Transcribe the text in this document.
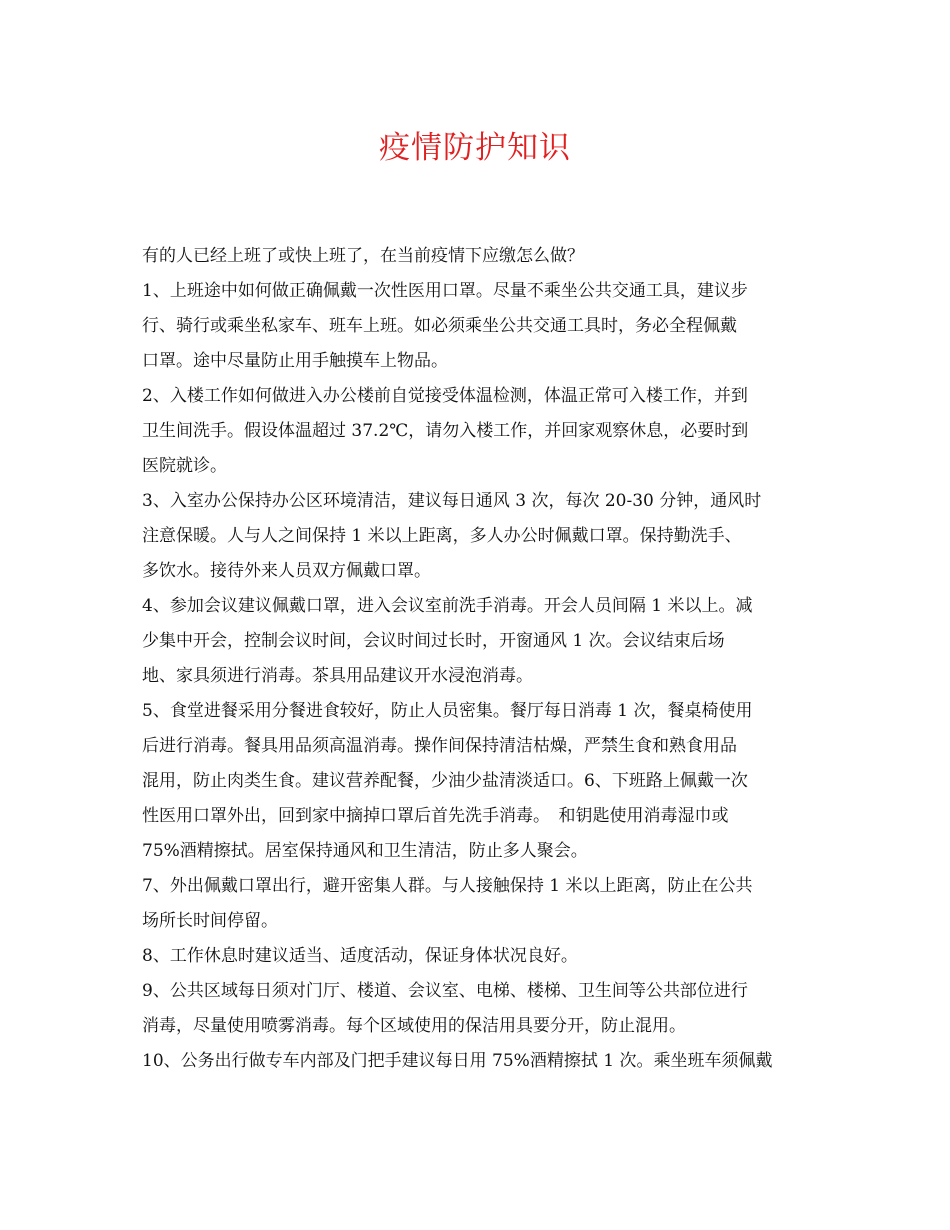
疫情防护知识

有的人已经上班了或快上班了，在当前疫情下应缴怎么做？

1、上班途中如何做正确佩戴一次性医用口罩。尽量不乘坐公共交通工具，建议步

行、骑行或乘坐私家车、班车上班。如必须乘坐公共交通工具时，务必全程佩戴

口罩。途中尽量防止用手触摸车上物品。

2、入楼工作如何做进入办公楼前自觉接受体温检测，体温正常可入楼工作，并到

卫生间洗手。假设体温超过 37.2℃，请勿入楼工作，并回家观察休息，必要时到

医院就诊。

3、入室办公保持办公区环境清洁，建议每日通风 3 次，每次 20-30 分钟，通风时

注意保暖。人与人之间保持 1 米以上距离，多人办公时佩戴口罩。保持勤洗手、

多饮水。接待外来人员双方佩戴口罩。

4、参加会议建议佩戴口罩，进入会议室前洗手消毒。开会人员间隔 1 米以上。减

少集中开会，控制会议时间，会议时间过长时，开窗通风 1 次。会议结束后场

地、家具须进行消毒。茶具用品建议开水浸泡消毒。

5、食堂进餐采用分餐进食较好，防止人员密集。餐厅每日消毒 1 次，餐桌椅使用

后进行消毒。餐具用品须高温消毒。操作间保持清洁枯燥，严禁生食和熟食用品

混用，防止肉类生食。建议营养配餐，少油少盐清淡适口。6、下班路上佩戴一次

性医用口罩外出，回到家中摘掉口罩后首先洗手消毒。　和钥匙使用消毒湿巾或

75%酒精擦拭。居室保持通风和卫生清洁，防止多人聚会。

7、外出佩戴口罩出行，避开密集人群。与人接触保持 1 米以上距离，防止在公共

场所长时间停留。

8、工作休息时建议适当、适度活动，保证身体状况良好。

9、公共区域每日须对门厅、楼道、会议室、电梯、楼梯、卫生间等公共部位进行

消毒，尽量使用喷雾消毒。每个区域使用的保洁用具要分开，防止混用。

10、公务出行做专车内部及门把手建议每日用 75%酒精擦拭 1 次。乘坐班车须佩戴
